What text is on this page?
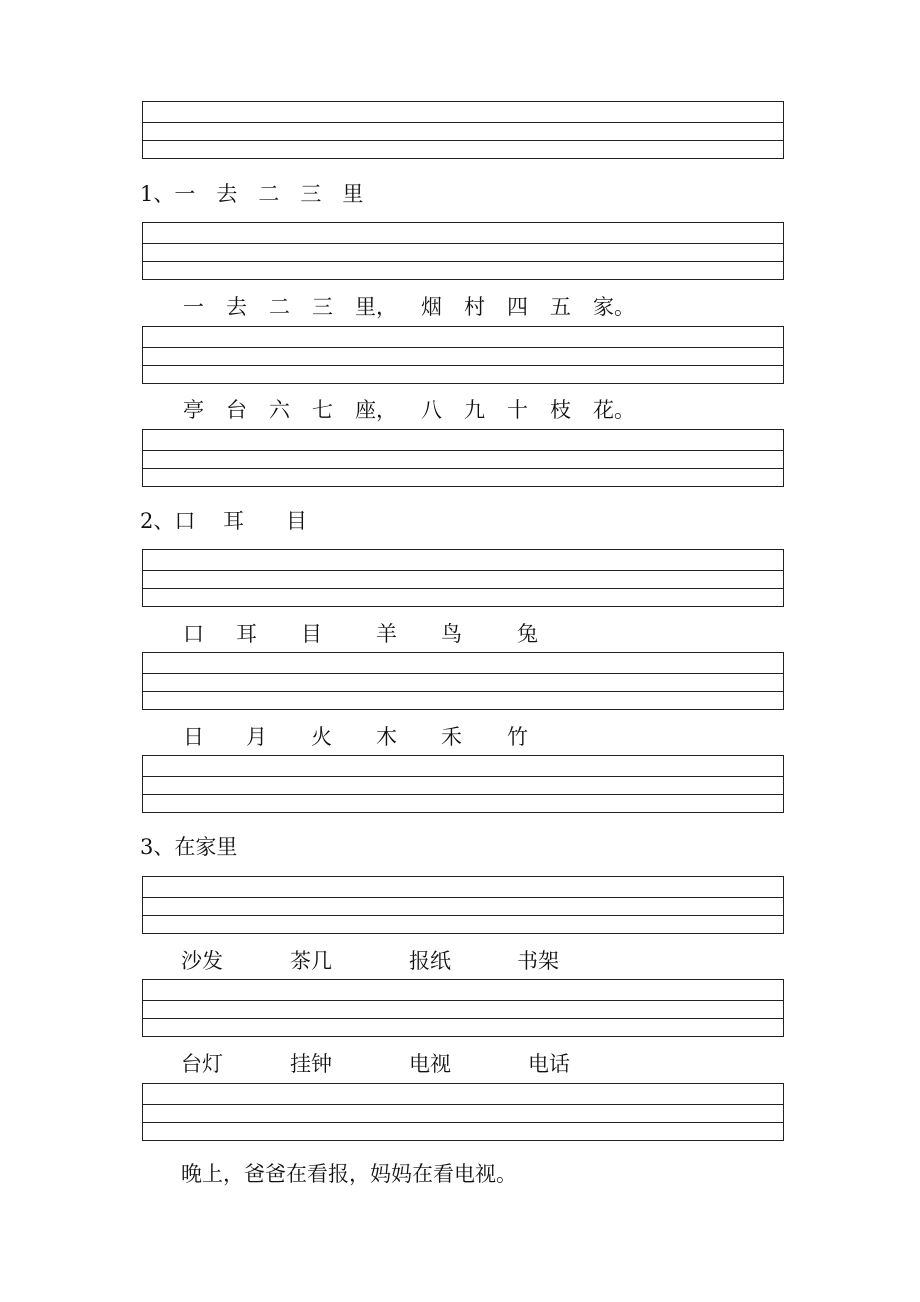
1、一　去　二　三　里
2、口　 耳　　目
3、在家里
一 去 二 三 里， 烟 村 四 五 家。
亭 台 六 七 座， 八 九 十 枝 花。
口 耳 目	羊 鸟	兔
日 月 火 木 禾 竹
沙发	茶几	报纸	书架
台灯	挂钟	电视	电话
晚上，爸爸在看报，妈妈在看电视。
